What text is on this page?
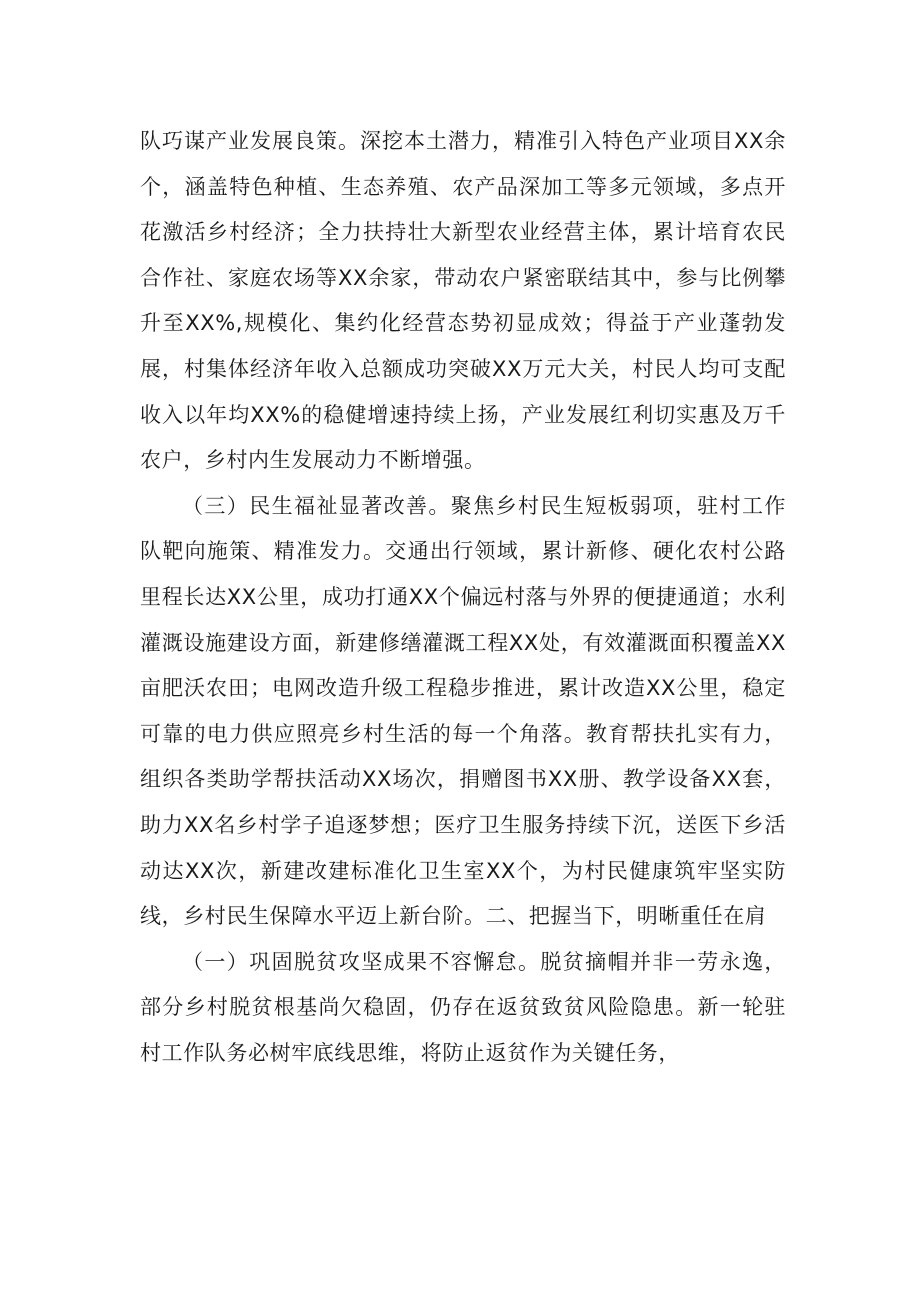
队巧谋产业发展良策。深挖本土潜力，精准引入特色产业项目XX余个，涵盖特色种植、生态养殖、农产品深加工等多元领域，多点开花激活乡村经济；全力扶持壮大新型农业经营主体，累计培育农民合作社、家庭农场等XX余家，带动农户紧密联结其中，参与比例攀升至XX%,规模化、集约化经营态势初显成效；得益于产业蓬勃发展，村集体经济年收入总额成功突破XX万元大关，村民人均可支配收入以年均XX%的稳健增速持续上扬，产业发展红利切实惠及万千农户，乡村内生发展动力不断增强。

（三）民生福祉显著改善。聚焦乡村民生短板弱项，驻村工作队靶向施策、精准发力。交通出行领域，累计新修、硬化农村公路里程长达XX公里，成功打通XX个偏远村落与外界的便捷通道；水利灌溉设施建设方面，新建修缮灌溉工程XX处，有效灌溉面积覆盖XX亩肥沃农田；电网改造升级工程稳步推进，累计改造XX公里，稳定可靠的电力供应照亮乡村生活的每一个角落。教育帮扶扎实有力，组织各类助学帮扶活动XX场次，捐赠图书XX册、教学设备XX套，助力XX名乡村学子追逐梦想；医疗卫生服务持续下沉，送医下乡活动达XX次，新建改建标准化卫生室XX个，为村民健康筑牢坚实防线，乡村民生保障水平迈上新台阶。二、把握当下，明晰重任在肩

（一）巩固脱贫攻坚成果不容懈怠。脱贫摘帽并非一劳永逸，部分乡村脱贫根基尚欠稳固，仍存在返贫致贫风险隐患。新一轮驻村工作队务必树牢底线思维，将防止返贫作为关键任务，
